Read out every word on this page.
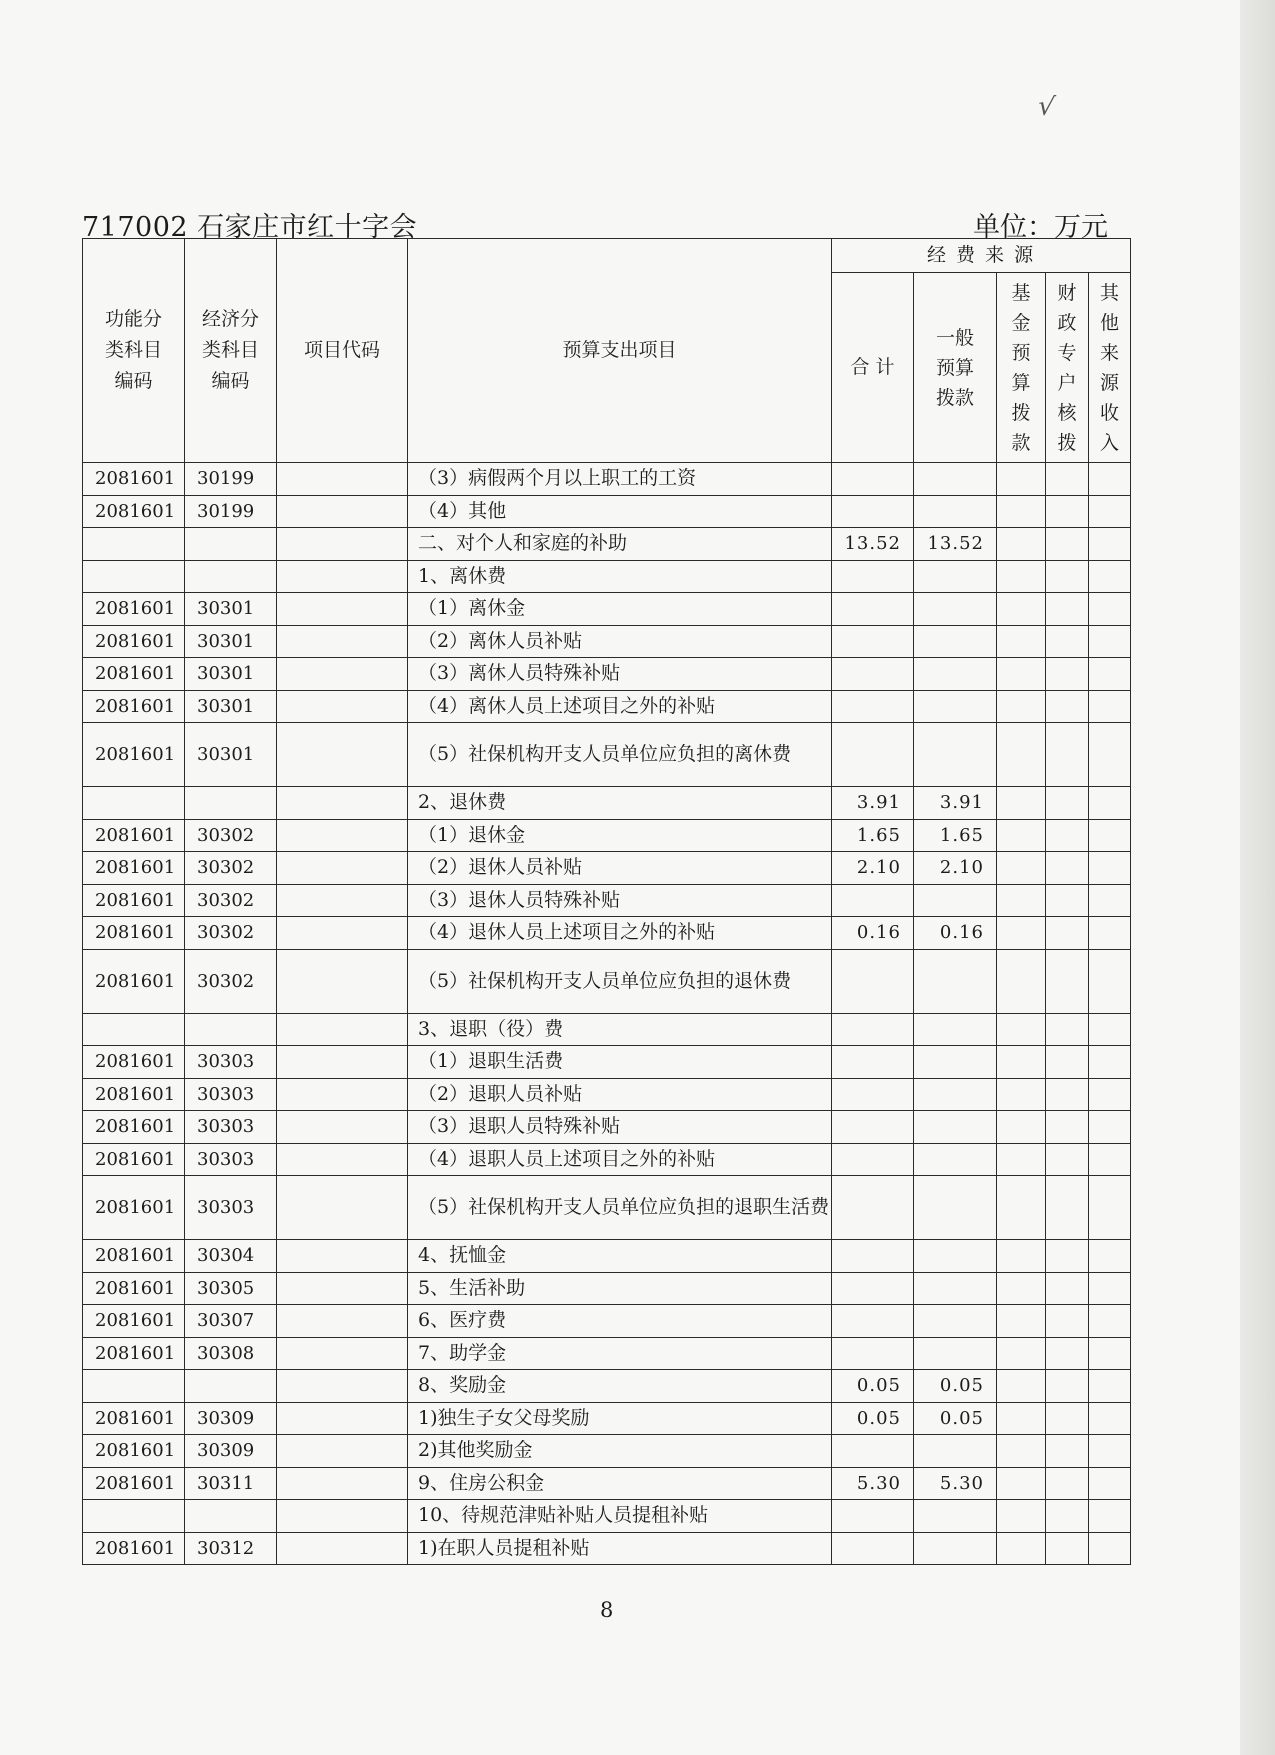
√
717002 石家庄市红十字会	单位：万元
功能分类科目编码	经济分类科目编码	项目代码	预算支出项目	经 费 来 源				
				合 计	一般预算拨款	基金预算拨款	财政专户核拨	其他来源收入

2081601	30199		（3）病假两个月以上职工的工资					
2081601	30199		（4）其他					
			二、对个人和家庭的补助	13.52	13.52			
			1、离休费					
2081601	30301		（1）离休金					
2081601	30301		（2）离休人员补贴					
2081601	30301		（3）离休人员特殊补贴					
2081601	30301		（4）离休人员上述项目之外的补贴					
2081601	30301		（5）社保机构开支人员单位应负担的离休费					
			2、退休费	3.91	3.91			
2081601	30302		（1）退休金	1.65	1.65			
2081601	30302		（2）退休人员补贴	2.10	2.10			
2081601	30302		（3）退休人员特殊补贴					
2081601	30302		（4）退休人员上述项目之外的补贴	0.16	0.16			
2081601	30302		（5）社保机构开支人员单位应负担的退休费					
			3、退职（役）费					
2081601	30303		（1）退职生活费					
2081601	30303		（2）退职人员补贴					
2081601	30303		（3）退职人员特殊补贴					
2081601	30303		（4）退职人员上述项目之外的补贴					
2081601	30303		（5）社保机构开支人员单位应负担的退职生活费					
2081601	30304		4、抚恤金					
2081601	30305		5、生活补助					
2081601	30307		6、医疗费					
2081601	30308		7、助学金					
			8、奖励金	0.05	0.05			
2081601	30309		1)独生子女父母奖励	0.05	0.05			
2081601	30309		2)其他奖励金					
2081601	30311		9、住房公积金	5.30	5.30			
			10、待规范津贴补贴人员提租补贴					
2081601	30312		1)在职人员提租补贴					
8
